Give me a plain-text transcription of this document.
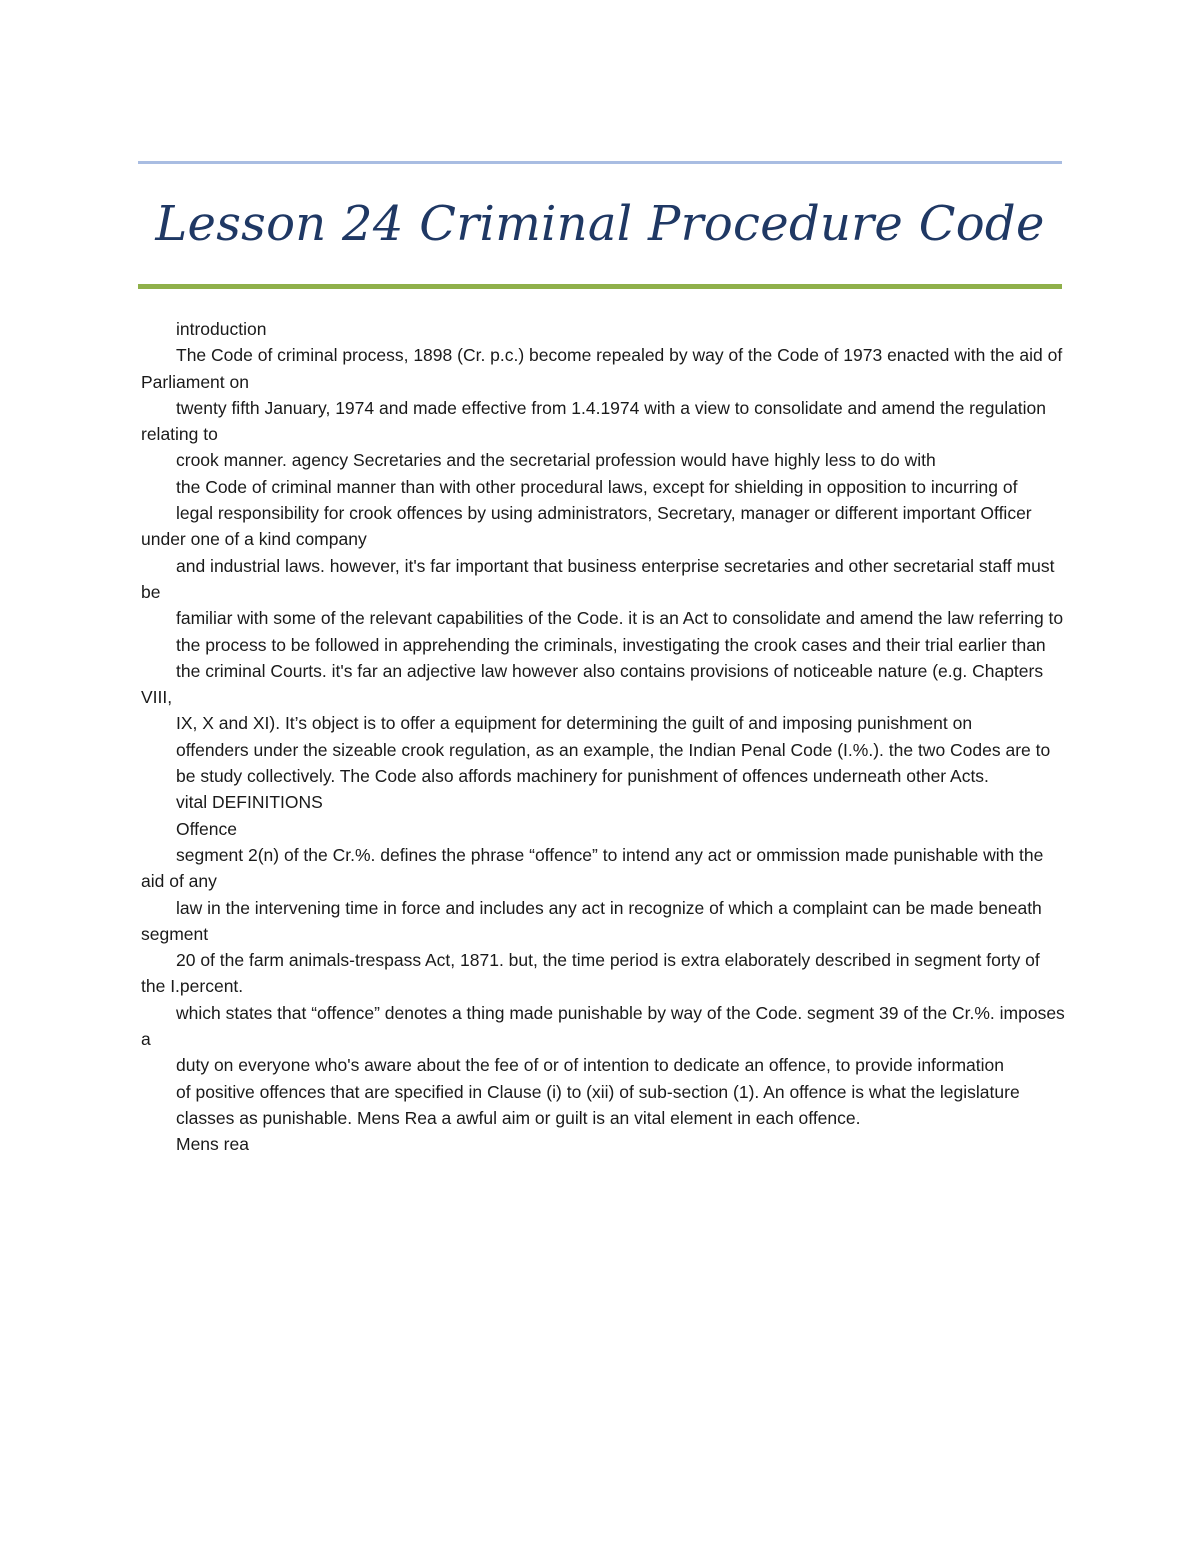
Lesson 24 Criminal Procedure Code

introduction

The Code of criminal process, 1898 (Cr. p.c.) become repealed by way of the Code of 1973 enacted with the aid of Parliament on

twenty fifth January, 1974 and made effective from 1.4.1974 with a view to consolidate and amend the regulation relating to

crook manner. agency Secretaries and the secretarial profession would have highly less to do with

the Code of criminal manner than with other procedural laws, except for shielding in opposition to incurring of

legal responsibility for crook offences by using administrators, Secretary, manager or different important Officer under one of a kind company

and industrial laws. however, it's far important that business enterprise secretaries and other secretarial staff must be

familiar with some of the relevant capabilities of the Code. it is an Act to consolidate and amend the law referring to

the process to be followed in apprehending the criminals, investigating the crook cases and their trial earlier than

the criminal Courts. it's far an adjective law however also contains provisions of noticeable nature (e.g. Chapters VIII,

IX, X and XI). It’s object is to offer a equipment for determining the guilt of and imposing punishment on

offenders under the sizeable crook regulation, as an example, the Indian Penal Code (I.%.). the two Codes are to

be study collectively. The Code also affords machinery for punishment of offences underneath other Acts.

vital DEFINITIONS

Offence

segment 2(n) of the Cr.%. defines the phrase “offence” to intend any act or ommission made punishable with the aid of any

law in the intervening time in force and includes any act in recognize of which a complaint can be made beneath segment

20 of the farm animals-trespass Act, 1871. but, the time period is extra elaborately described in segment forty of the I.percent.

which states that “offence” denotes a thing made punishable by way of the Code. segment 39 of the Cr.%. imposes a

duty on everyone who's aware about the fee of or of intention to dedicate an offence, to provide information

of positive offences that are specified in Clause (i) to (xii) of sub-section (1). An offence is what the legislature

classes as punishable. Mens Rea a awful aim or guilt is an vital element in each offence.

Mens rea
